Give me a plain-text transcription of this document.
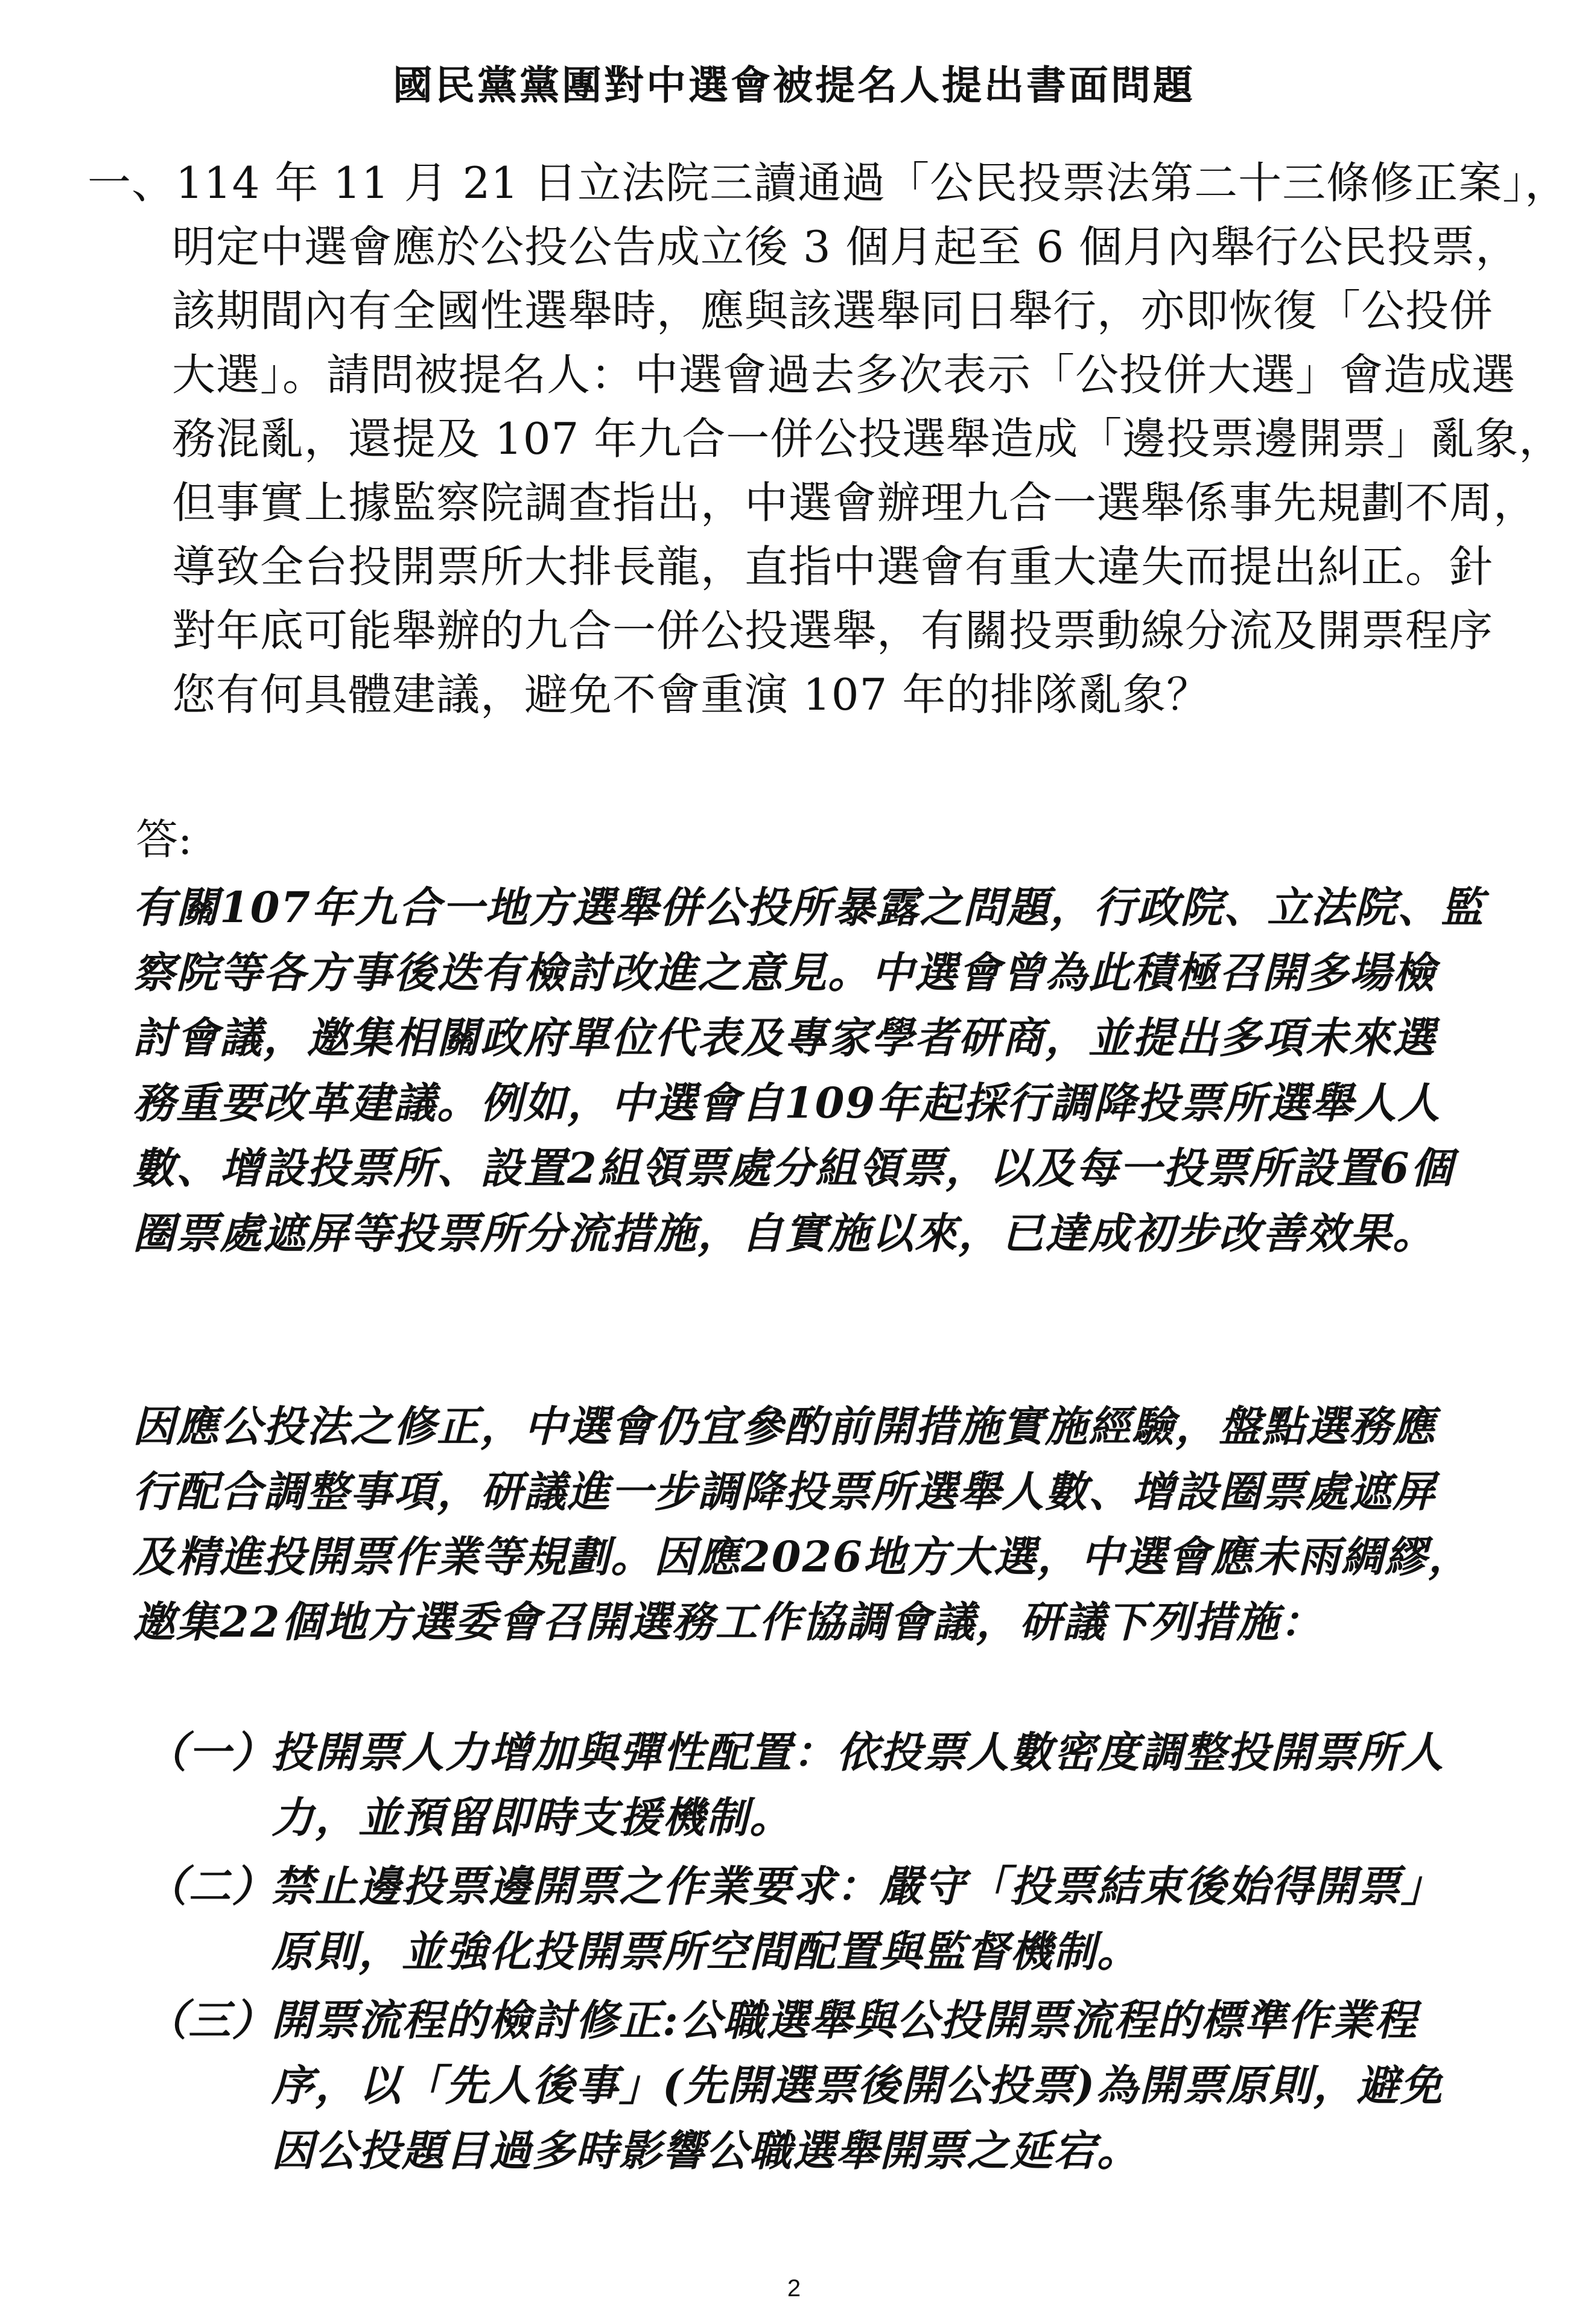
國民黨黨團對中選會被提名人提出書面問題
一、114 年 11 月 21 日立法院三讀通過「公民投票法第二十三條修正案」，
明定中選會應於公投公告成立後 3 個月起至 6 個月內舉行公民投票，
該期間內有全國性選舉時，應與該選舉同日舉行，亦即恢復「公投併
大選」。請問被提名人：中選會過去多次表示「公投併大選」會造成選
務混亂，還提及 107 年九合一併公投選舉造成「邊投票邊開票」亂象，
但事實上據監察院調查指出，中選會辦理九合一選舉係事先規劃不周，
導致全台投開票所大排長龍，直指中選會有重大違失而提出糾正。針
對年底可能舉辦的九合一併公投選舉，有關投票動線分流及開票程序
您有何具體建議，避免不會重演 107 年的排隊亂象？
答:
有關107年九合一地方選舉併公投所暴露之問題，行政院、立法院、監
察院等各方事後迭有檢討改進之意見。中選會曾為此積極召開多場檢
討會議，邀集相關政府單位代表及專家學者研商，並提出多項未來選
務重要改革建議。例如，中選會自109年起採行調降投票所選舉人人
數、增設投票所、設置2組領票處分組領票，以及每一投票所設置6個
圈票處遮屏等投票所分流措施，自實施以來，已達成初步改善效果。
因應公投法之修正，中選會仍宜參酌前開措施實施經驗，盤點選務應
行配合調整事項，研議進一步調降投票所選舉人數、增設圈票處遮屏
及精進投開票作業等規劃。因應2026地方大選，中選會應未雨綢繆，
邀集22個地方選委會召開選務工作協調會議，研議下列措施：
（一）投開票人力增加與彈性配置：依投票人數密度調整投開票所人
力，並預留即時支援機制。
（二）禁止邊投票邊開票之作業要求：嚴守「投票結束後始得開票」
原則，並強化投開票所空間配置與監督機制。
（三）開票流程的檢討修正:公職選舉與公投開票流程的標準作業程
序，以「先人後事」(先開選票後開公投票)為開票原則，避免
因公投題目過多時影響公職選舉開票之延宕。
2
